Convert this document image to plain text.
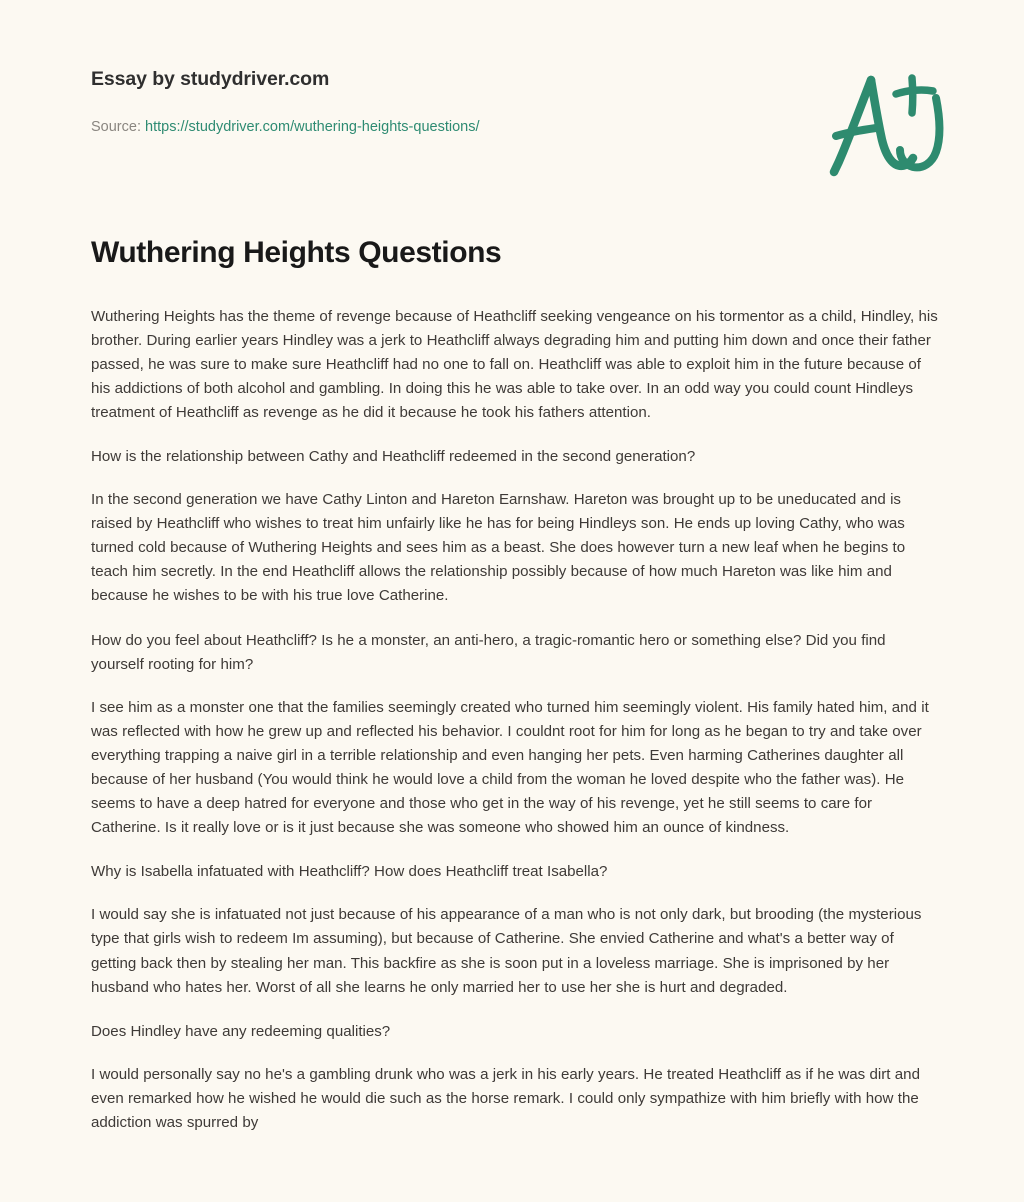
Essay by studydriver.com
Source: https://studydriver.com/wuthering-heights-questions/
Wuthering Heights Questions

Wuthering Heights has the theme of revenge because of Heathcliff seeking vengeance on his tormentor as a child, Hindley, his brother. During earlier years Hindley was a jerk to Heathcliff always degrading him and putting him down and once their father passed, he was sure to make sure Heathcliff had no one to fall on. Heathcliff was able to exploit him in the future because of his addictions of both alcohol and gambling. In doing this he was able to take over. In an odd way you could count Hindleys treatment of Heathcliff as revenge as he did it because he took his fathers attention.

How is the relationship between Cathy and Heathcliff redeemed in the second generation?

In the second generation we have Cathy Linton and Hareton Earnshaw. Hareton was brought up to be uneducated and is raised by Heathcliff who wishes to treat him unfairly like he has for being Hindleys son. He ends up loving Cathy, who was turned cold because of Wuthering Heights and sees him as a beast. She does however turn a new leaf when he begins to teach him secretly. In the end Heathcliff allows the relationship possibly because of how much Hareton was like him and because he wishes to be with his true love Catherine.

How do you feel about Heathcliff? Is he a monster, an anti-hero, a tragic-romantic hero or something else? Did you find yourself rooting for him?

I see him as a monster one that the families seemingly created who turned him seemingly violent. His family hated him, and it was reflected with how he grew up and reflected his behavior. I couldnt root for him for long as he began to try and take over everything trapping a naive girl in a terrible relationship and even hanging her pets. Even harming Catherines daughter all because of her husband (You would think he would love a child from the woman he loved despite who the father was). He seems to have a deep hatred for everyone and those who get in the way of his revenge, yet he still seems to care for Catherine. Is it really love or is it just because she was someone who showed him an ounce of kindness.

Why is Isabella infatuated with Heathcliff? How does Heathcliff treat Isabella?

I would say she is infatuated not just because of his appearance of a man who is not only dark, but brooding (the mysterious type that girls wish to redeem Im assuming), but because of Catherine. She envied Catherine and what's a better way of getting back then by stealing her man. This backfire as she is soon put in a loveless marriage. She is imprisoned by her husband who hates her. Worst of all she learns he only married her to use her she is hurt and degraded.

Does Hindley have any redeeming qualities?

I would personally say no he's a gambling drunk who was a jerk in his early years. He treated Heathcliff as if he was dirt and even remarked how he wished he would die such as the horse remark. I could only sympathize with him briefly with how the addiction was spurred by
